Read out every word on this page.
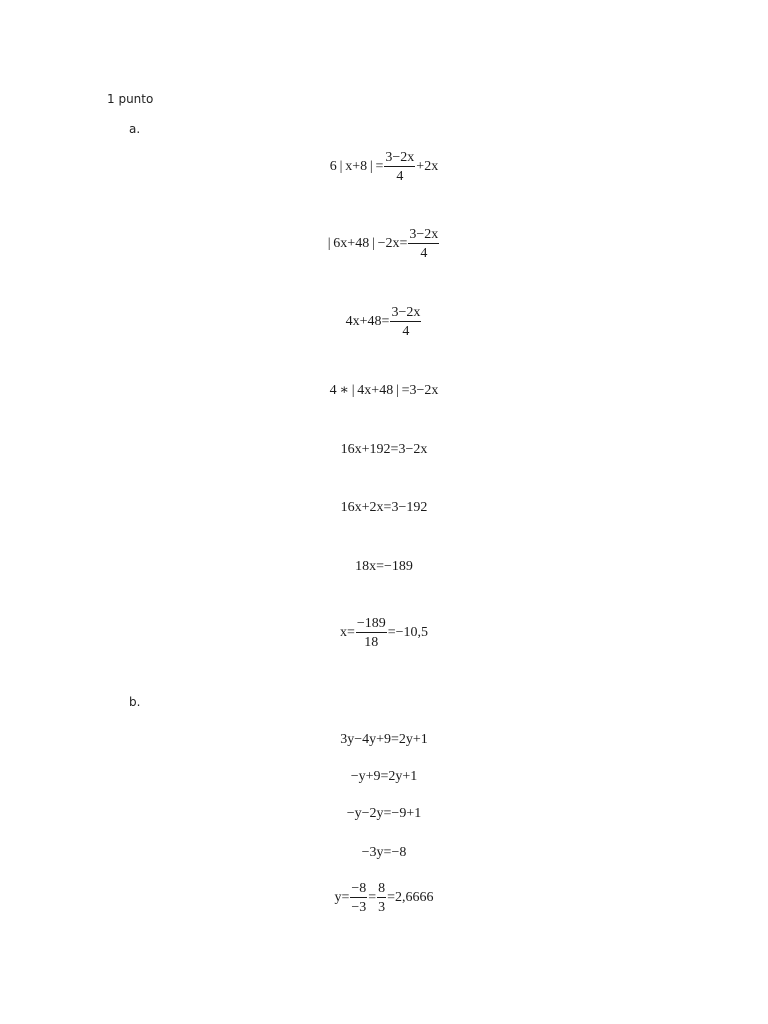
1 punto
a.
6 | x+8 | = $\frac{3-2x}{4} +2x$
| 6x+48 | $-2x= \frac{3-2x}{4}$
$4x+48= \frac{3-2x}{4}$
4 ∗ | 4x+48 | =3−2x
16x+192=3−2x
16x+2x=3−192
18x=−189
$x= \frac{-189}{18} =-10,5$
b.
3y−4y+9=2y+1
−y+9=2y+1
−y−2y=−9+1
−3y=−8
$y= \frac{-8}{-3} = \frac{8}{3} =2,6666$
